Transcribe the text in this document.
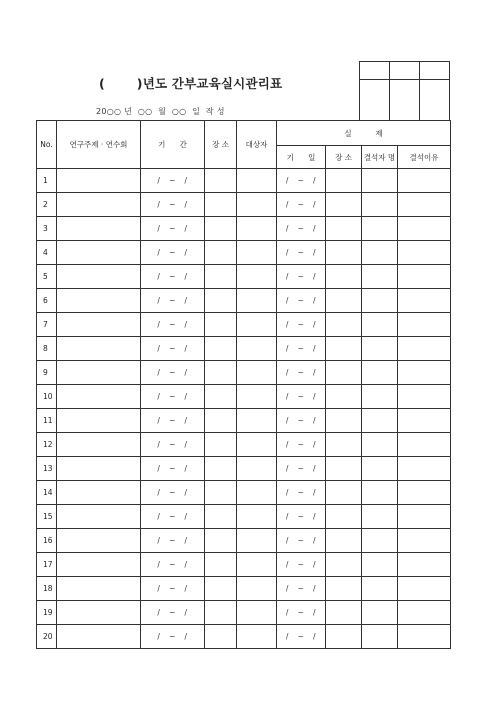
(       )년도 간부교육실시관리표

20○○ 년  ○○  월  ○○  일  작 성
No.	연구주제 · 연수회	기      간	장 소	대상자	실          제			
					기      일	장 소	결석자 명	결석이유
1		/   ~   /			/   ~   /			
2		/   ~   /			/   ~   /			
3		/   ~   /			/   ~   /			
4		/   ~   /			/   ~   /			
5		/   ~   /			/   ~   /			
6		/   ~   /			/   ~   /			
7		/   ~   /			/   ~   /			
8		/   ~   /			/   ~   /			
9		/   ~   /			/   ~   /			
10		/   ~   /			/   ~   /			
11		/   ~   /			/   ~   /			
12		/   ~   /			/   ~   /			
13		/   ~   /			/   ~   /			
14		/   ~   /			/   ~   /			
15		/   ~   /			/   ~   /			
16		/   ~   /			/   ~   /			
17		/   ~   /			/   ~   /			
18		/   ~   /			/   ~   /			
19		/   ~   /			/   ~   /			
20		/   ~   /			/   ~   /			
